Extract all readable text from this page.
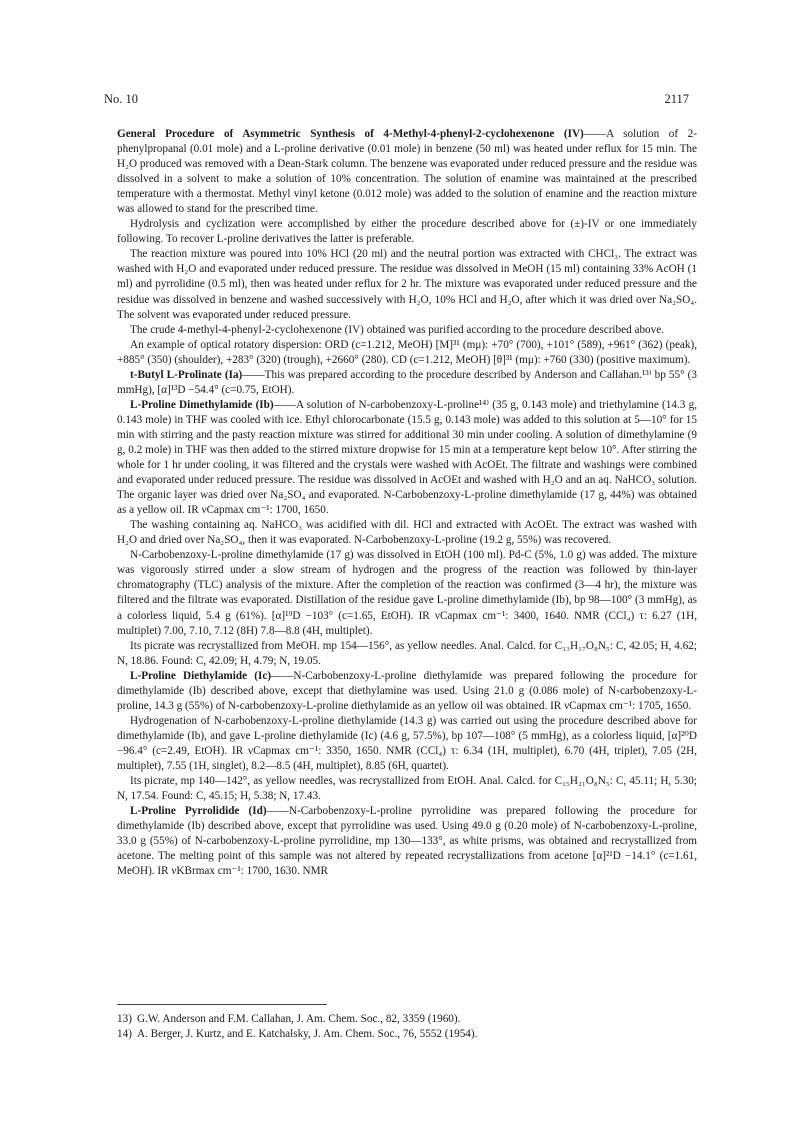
No. 10	2117

General Procedure of Asymmetric Synthesis of 4-Methyl-4-phenyl-2-cyclohexenone (IV)——A solution of 2-phenylpropanal (0.01 mole) and a L-proline derivative (0.01 mole) in benzene (50 ml) was heated under reflux for 15 min. The H₂O produced was removed with a Dean-Stark column. The benzene was evaporated under reduced pressure and the residue was dissolved in a solvent to make a solution of 10% concentration. The solution of enamine was maintained at the prescribed temperature with a thermostat. Methyl vinyl ketone (0.012 mole) was added to the solution of enamine and the reaction mixture was allowed to stand for the prescribed time.

Hydrolysis and cyclization were accomplished by either the procedure described above for (±)-IV or one immediately following. To recover L-proline derivatives the latter is preferable.

The reaction mixture was poured into 10% HCl (20 ml) and the neutral portion was extracted with CHCl₃. The extract was washed with H₂O and evaporated under reduced pressure. The residue was dissolved in MeOH (15 ml) containing 33% AcOH (1 ml) and pyrrolidine (0.5 ml), then was heated under reflux for 2 hr. The mixture was evaporated under reduced pressure and the residue was dissolved in benzene and washed successively with H₂O, 10% HCl and H₂O, after which it was dried over Na₂SO₄. The solvent was evaporated under reduced pressure.

The crude 4-methyl-4-phenyl-2-cyclohexenone (IV) obtained was purified according to the procedure described above.

An example of optical rotatory dispersion: ORD (c=1.212, MeOH) [M]³¹ (mμ): +70° (700), +101° (589), +961° (362) (peak), +885° (350) (shoulder), +283° (320) (trough), +2660° (280). CD (c=1.212, MeOH) [θ]³¹ (mμ): +760 (330) (positive maximum).

t-Butyl L-Prolinate (Ia)——This was prepared according to the procedure described by Anderson and Callahan.¹³⁾ bp 55° (3 mmHg), [α]¹³D −54.4° (c=0.75, EtOH).

L-Proline Dimethylamide (Ib)——A solution of N-carbobenzoxy-L-proline¹⁴⁾ (35 g, 0.143 mole) and triethylamine (14.3 g, 0.143 mole) in THF was cooled with ice. Ethyl chlorocarbonate (15.5 g, 0.143 mole) was added to this solution at 5—10° for 15 min with stirring and the pasty reaction mixture was stirred for additional 30 min under cooling. A solution of dimethylamine (9 g, 0.2 mole) in THF was then added to the stirred mixture dropwise for 15 min at a temperature kept below 10°. After stirring the whole for 1 hr under cooling, it was filtered and the crystals were washed with AcOEt. The filtrate and washings were combined and evaporated under reduced pressure. The residue was dissolved in AcOEt and washed with H₂O and an aq. NaHCO₃ solution. The organic layer was dried over Na₂SO₄ and evaporated. N-Carbobenzoxy-L-proline dimethylamide (17 g, 44%) was obtained as a yellow oil. IR νCapmax cm⁻¹: 1700, 1650.

The washing containing aq. NaHCO₃ was acidified with dil. HCl and extracted with AcOEt. The extract was washed with H₂O and dried over Na₂SO₄, then it was evaporated. N-Carbobenzoxy-L-proline (19.2 g, 55%) was recovered.

N-Carbobenzoxy-L-proline dimethylamide (17 g) was dissolved in EtOH (100 ml). Pd-C (5%, 1.0 g) was added. The mixture was vigorously stirred under a slow stream of hydrogen and the progress of the reaction was followed by thin-layer chromatography (TLC) analysis of the mixture. After the completion of the reaction was confirmed (3—4 hr), the mixture was filtered and the filtrate was evaporated. Distillation of the residue gave L-proline dimethylamide (Ib), bp 98—100° (3 mmHg), as a colorless liquid, 5.4 g (61%). [α]¹⁹D −103° (c=1.65, EtOH). IR νCapmax cm⁻¹: 3400, 1640. NMR (CCl₄) τ: 6.27 (1H, multiplet) 7.00, 7.10, 7.12 (8H) 7.8—8.8 (4H, multiplet).

Its picrate was recrystallized from MeOH. mp 154—156°, as yellow needles. Anal. Calcd. for C₁₃H₁₇O₈N₅: C, 42.05; H, 4.62; N, 18.86. Found: C, 42.09; H, 4.79; N, 19.05.

L-Proline Diethylamide (Ic)——N-Carbobenzoxy-L-proline diethylamide was prepared following the procedure for dimethylamide (Ib) described above, except that diethylamine was used. Using 21.0 g (0.086 mole) of N-carbobenzoxy-L-proline, 14.3 g (55%) of N-carbobenzoxy-L-proline diethylamide as an yellow oil was obtained. IR νCapmax cm⁻¹: 1705, 1650.

Hydrogenation of N-carbobenzoxy-L-proline diethylamide (14.3 g) was carried out using the procedure described above for dimethylamide (Ib), and gave L-proline diethylamide (Ic) (4.6 g, 57.5%), bp 107—108° (5 mmHg), as a colorless liquid, [α]²⁰D −96.4° (c=2.49, EtOH). IR νCapmax cm⁻¹: 3350, 1650. NMR (CCl₄) τ: 6.34 (1H, multiplet), 6.70 (4H, triplet), 7.05 (2H, multiplet), 7.55 (1H, singlet), 8.2—8.5 (4H, multiplet), 8.85 (6H, quartet).

Its picrate, mp 140—142°, as yellow needles, was recrystallized from EtOH. Anal. Calcd. for C₁₅H₂₁O₈N₅: C, 45.11; H, 5.30; N, 17.54. Found: C, 45.15; H, 5.38; N, 17.43.

L-Proline Pyrrolidide (Id)——N-Carbobenzoxy-L-proline pyrrolidine was prepared following the procedure for dimethylamide (Ib) described above, except that pyrrolidine was used. Using 49.0 g (0.20 mole) of N-carbobenzoxy-L-proline, 33.0 g (55%) of N-carbobenzoxy-L-proline pyrrolidine, mp 130—133°, as white prisms, was obtained and recrystallized from acetone. The melting point of this sample was not altered by repeated recrystallizations from acetone [α]²¹D −14.1° (c=1.61, MeOH). IR νKBrmax cm⁻¹: 1700, 1630. NMR

13) G.W. Anderson and F.M. Callahan, J. Am. Chem. Soc., 82, 3359 (1960).
14) A. Berger, J. Kurtz, and E. Katchalsky, J. Am. Chem. Soc., 76, 5552 (1954).
